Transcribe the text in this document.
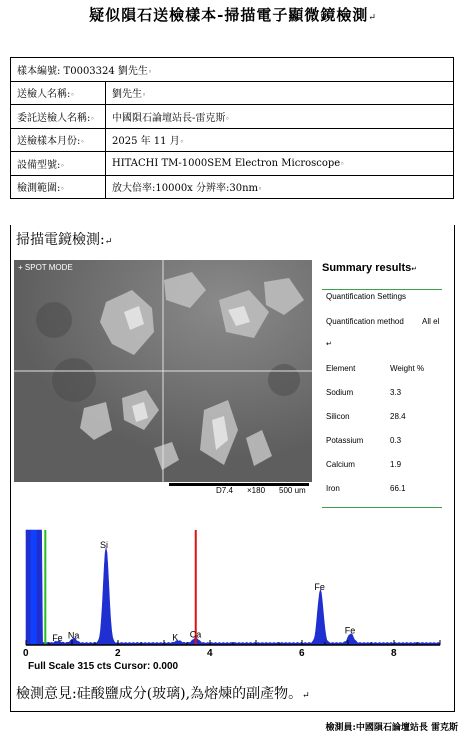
疑似隕石送檢樣本-掃描電子顯微鏡檢測↵
樣本編號: T0003324 劉先生◦	
送檢人名稱:◦	劉先生◦
委託送檢人名稱:◦	中國隕石論壇站長-雷克斯◦
送檢樣本月份:◦	2025 年 11 月◦
設備型號:◦	HITACHI TM-1000SEM Electron Microscope◦
檢測範圍:◦	放大倍率:10000x 分辨率:30nm◦
掃描電鏡檢測:↵
+ SPOT MODE
D7.4 ×180 500 um
Summary results↵
Quantification Settings
Quantification method All el
↵
Element	Weight %
Sodium	3.3
Silicon	28.4
Potassium	0.3
Calcium	1.9
Iron	66.1
Si
Fe
Fe
Na
Fe	Ca
K
0	2	4	6	8
Full Scale 315 cts Cursor: 0.000
檢測意見:硅酸鹽成分(玻璃),為熔煉的副產物。↵
檢測員:中國隕石論壇站長 雷克斯
